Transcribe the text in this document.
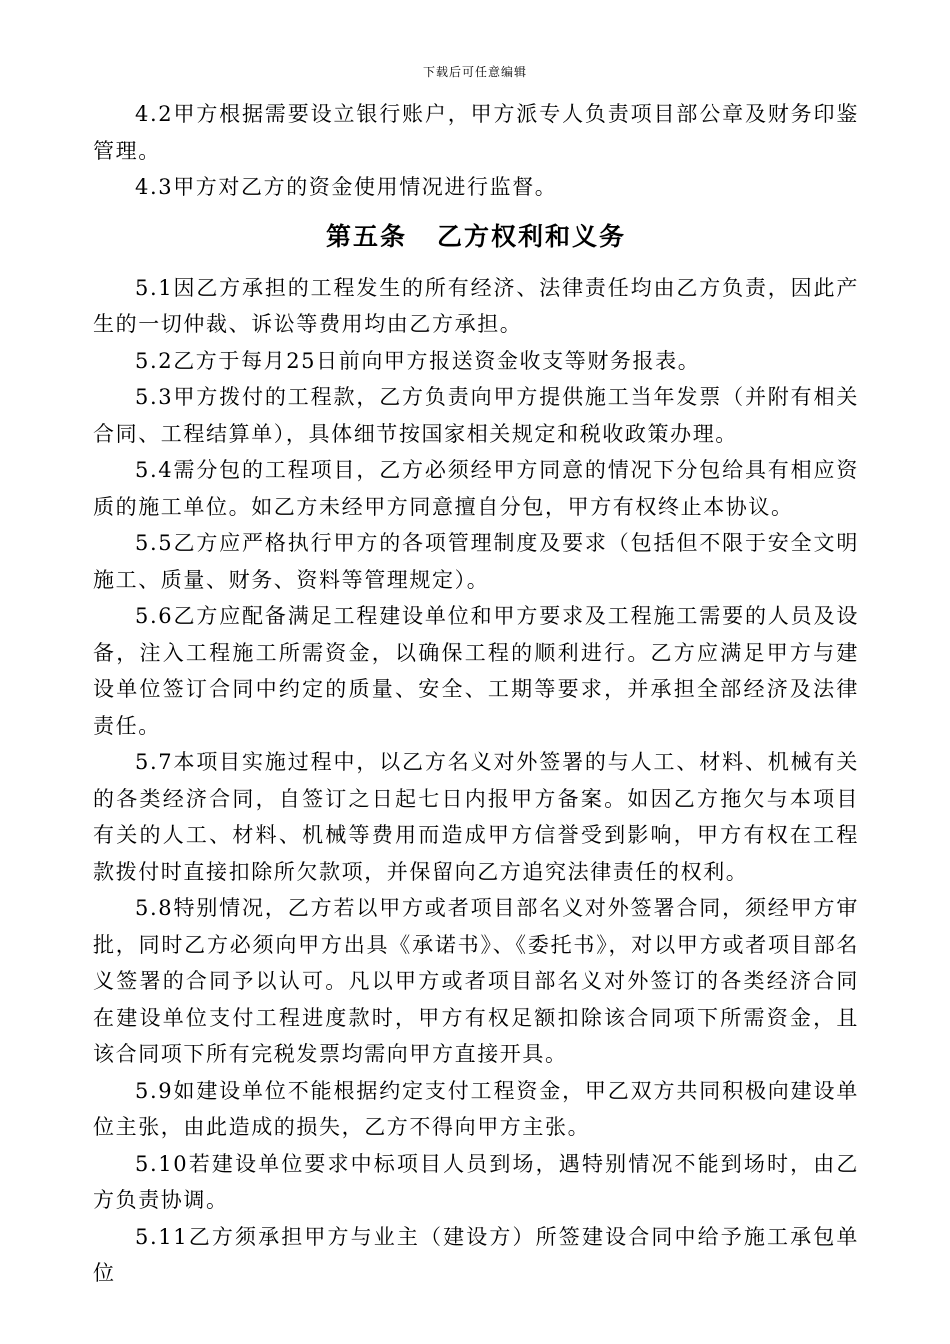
下载后可任意编辑

4.2甲方根据需要设立银行账户，甲方派专人负责项目部公章及财务印鉴管理。

4.3甲方对乙方的资金使用情况进行监督。

第五条 乙方权利和义务

5.1因乙方承担的工程发生的所有经济、法律责任均由乙方负责，因此产生的一切仲裁、诉讼等费用均由乙方承担。

5.2乙方于每月25日前向甲方报送资金收支等财务报表。

5.3甲方拨付的工程款，乙方负责向甲方提供施工当年发票（并附有相关合同、工程结算单），具体细节按国家相关规定和税收政策办理。

5.4需分包的工程项目，乙方必须经甲方同意的情况下分包给具有相应资质的施工单位。如乙方未经甲方同意擅自分包，甲方有权终止本协议。

5.5乙方应严格执行甲方的各项管理制度及要求（包括但不限于安全文明施工、质量、财务、资料等管理规定）。

5.6乙方应配备满足工程建设单位和甲方要求及工程施工需要的人员及设备，注入工程施工所需资金，以确保工程的顺利进行。乙方应满足甲方与建设单位签订合同中约定的质量、安全、工期等要求，并承担全部经济及法律责任。

5.7本项目实施过程中，以乙方名义对外签署的与人工、材料、机械有关的各类经济合同，自签订之日起七日内报甲方备案。如因乙方拖欠与本项目有关的人工、材料、机械等费用而造成甲方信誉受到影响，甲方有权在工程款拨付时直接扣除所欠款项，并保留向乙方追究法律责任的权利。

5.8特别情况，乙方若以甲方或者项目部名义对外签署合同，须经甲方审批，同时乙方必须向甲方出具《承诺书》、《委托书》，对以甲方或者项目部名义签署的合同予以认可。凡以甲方或者项目部名义对外签订的各类经济合同在建设单位支付工程进度款时，甲方有权足额扣除该合同项下所需资金，且该合同项下所有完税发票均需向甲方直接开具。

5.9如建设单位不能根据约定支付工程资金，甲乙双方共同积极向建设单位主张，由此造成的损失，乙方不得向甲方主张。

5.10若建设单位要求中标项目人员到场，遇特别情况不能到场时，由乙方负责协调。

5.11乙方须承担甲方与业主（建设方）所签建设合同中给予施工承包单位
